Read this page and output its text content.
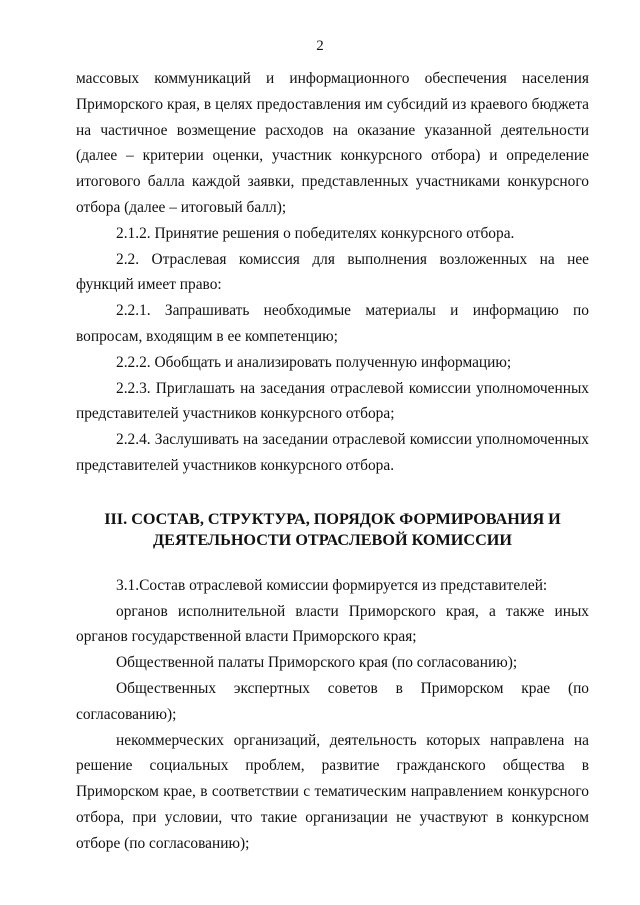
2

массовых коммуникаций и информационного обеспечения населения Приморского края, в целях предоставления им субсидий из краевого бюджета на частичное возмещение расходов на оказание указанной деятельности (далее – критерии оценки, участник конкурсного отбора) и определение итогового балла каждой заявки, представленных участниками конкурсного отбора (далее – итоговый балл);

2.1.2. Принятие решения о победителях конкурсного отбора.

2.2. Отраслевая комиссия для выполнения возложенных на нее функций имеет право:

2.2.1. Запрашивать необходимые материалы и информацию по вопросам, входящим в ее компетенцию;

2.2.2. Обобщать и анализировать полученную информацию;

2.2.3. Приглашать на заседания отраслевой комиссии уполномоченных представителей участников конкурсного отбора;

2.2.4. Заслушивать на заседании отраслевой комиссии уполномоченных представителей участников конкурсного отбора.

III. СОСТАВ, СТРУКТУРА, ПОРЯДОК ФОРМИРОВАНИЯ И
ДЕЯТЕЛЬНОСТИ ОТРАСЛЕВОЙ КОМИССИИ

3.1.Состав отраслевой комиссии формируется из представителей:

органов исполнительной власти Приморского края, а также иных органов государственной власти Приморского края;

Общественной палаты Приморского края (по согласованию);

Общественных экспертных советов в Приморском крае (по согласованию);

некоммерческих организаций, деятельность которых направлена на решение социальных проблем, развитие гражданского общества в Приморском крае, в соответствии с тематическим направлением конкурсного отбора, при условии, что такие организации не участвуют в конкурсном отборе (по согласованию);
